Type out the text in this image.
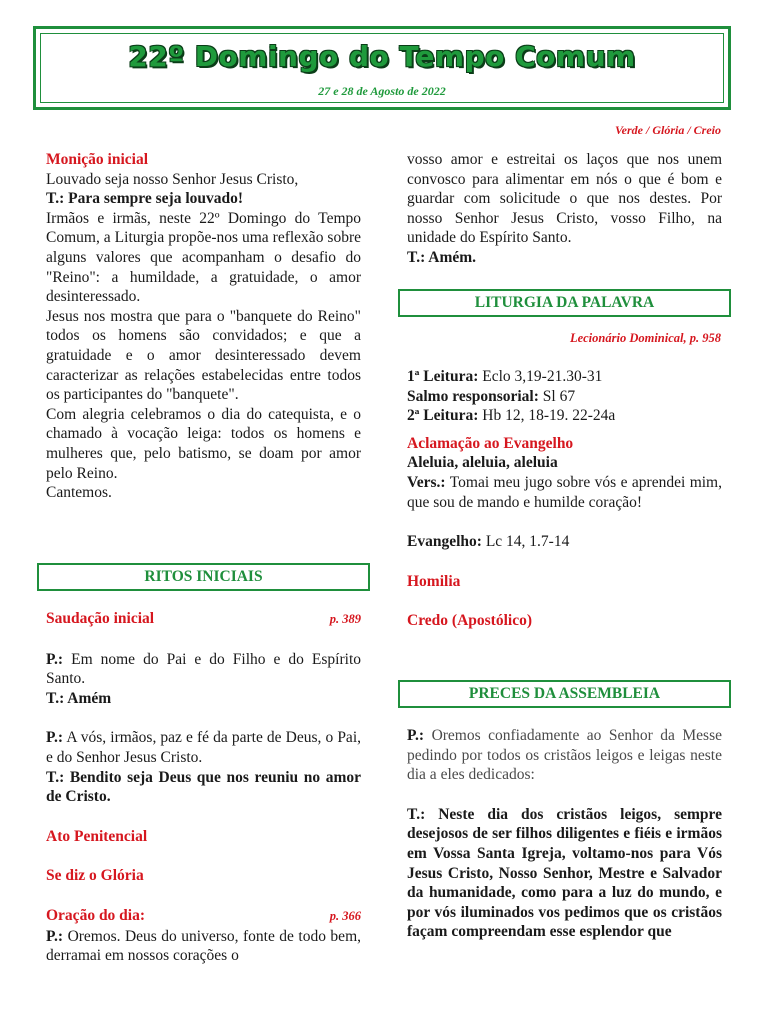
22º Domingo do Tempo Comum
27 e 28 de Agosto de 2022
Verde / Glória / Creio

Monição inicial

Louvado seja nosso Senhor Jesus Cristo,

T.: Para sempre seja louvado!

Irmãos e irmãs, neste 22º Domingo do Tempo Comum, a Liturgia propõe-nos uma reflexão sobre alguns valores que acompanham o desafio do "Reino": a humildade, a gratuidade, o amor desinteressado.

Jesus nos mostra que para o "banquete do Reino" todos os homens são convidados; e que a gratuidade e o amor desinteressado devem caracterizar as relações estabelecidas entre todos os participantes do "banquete".

Com alegria celebramos o dia do catequista, e o chamado à vocação leiga: todos os homens e mulheres que, pelo batismo, se doam por amor pelo Reino.

Cantemos.

RITOS INICIAIS
Saudação inicial	p. 389

P.: Em nome do Pai e do Filho e do Espírito Santo.

T.: Amém

P.: A vós, irmãos, paz e fé da parte de Deus, o Pai, e do Senhor Jesus Cristo.

T.: Bendito seja Deus que nos reuniu no amor de Cristo.

Ato Penitencial

Se diz o Glória

Oração do dia:	p. 366

P.: Oremos. Deus do universo, fonte de todo bem, derramai em nossos corações o

vosso amor e estreitai os laços que nos unem convosco para alimentar em nós o que é bom e guardar com solicitude o que nos destes. Por nosso Senhor Jesus Cristo, vosso Filho, na unidade do Espírito Santo.

T.: Amém.

LITURGIA DA PALAVRA
Lecionário Dominical, p. 958

1ª Leitura: Eclo 3,19-21.30-31

Salmo responsorial: Sl 67

2ª Leitura: Hb 12, 18-19. 22-24a

Aclamação ao Evangelho

Aleluia, aleluia, aleluia

Vers.: Tomai meu jugo sobre vós e aprendei mim, que sou de mando e humilde coração!

Evangelho: Lc 14, 1.7-14

Homilia

Credo (Apostólico)

PRECES DA ASSEMBLEIA

P.: Oremos confiadamente ao Senhor da Messe pedindo por todos os cristãos leigos e leigas neste dia a eles dedicados:

T.: Neste dia dos cristãos leigos, sempre desejosos de ser filhos diligentes e fiéis e irmãos em Vossa Santa Igreja, voltamo-nos para Vós Jesus Cristo, Nosso Senhor, Mestre e Salvador da humanidade, como para a luz do mundo, e por vós iluminados vos pedimos que os cristãos façam compreendam esse esplendor que
